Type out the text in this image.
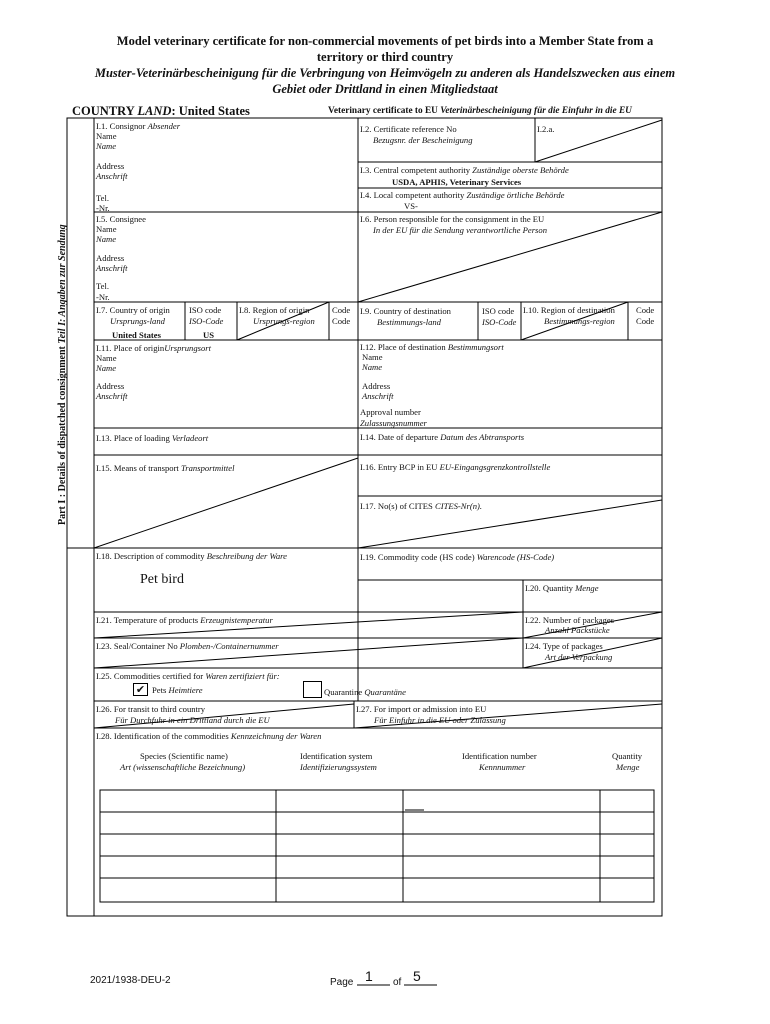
Model veterinary certificate for non-commercial movements of pet birds into a Member State from a
territory or third country
Muster-Veterinärbescheinigung für die Verbringung von Heimvögeln zu anderen als Handelszwecken aus einem
Gebiet oder Drittland in einen Mitgliedstaat
COUNTRY LAND: United States	Veterinary certificate to EU Veterinärbescheinigung für die Einfuhr in die EU
Part I : Details of dispatched consignment Teil I: Angaben zur Sendung
I.1. Consignor Absender
Name
Name
Address
Anschrift
Tel.
-Nr.
I.2. Certificate reference No
Bezugsnr. der Bescheinigung
I.2.a.
I.3. Central competent authority Zuständige oberste Behörde
USDA, APHIS, Veterinary Services
I.4. Local competent authority Zuständige örtliche Behörde
VS-
I.5. Consignee
Name
Name
Address
Anschrift
Tel.
-Nr.
I.6. Person responsible for the consignment in the EU
In der EU für die Sendung verantwortliche Person
I.7. Country of origin
Ursprungs-land
United States
ISO code
ISO-Code
US
I.8. Region of origin
Ursprungs-region
Code
Code
I.9. Country of destination
Bestimmungs-land
ISO code
ISO-Code
I.10. Region of destination
Bestimmungs-region
Code
Code
I.11. Place of originUrsprungsort
Name
Name
Address
Anschrift
I.12. Place of destination Bestimmungsort
Name
Name
Address
Anschrift
Approval number
Zulassungsnummer
I.13. Place of loading Verladeort	I.14. Date of departure Datum des Abtransports
I.15. Means of transport Transportmittel	I.16. Entry BCP in EU EU-Eingangsgrenzkontrollstelle
I.17. No(s) of CITES CITES-Nr(n).
I.18. Description of commodity Beschreibung der Ware
Pet bird
I.19. Commodity code (HS code) Warencode (HS-Code)
I.20. Quantity Menge
I.21. Temperature of products Erzeugnistemperatur	I.22. Number of packages
Anzahl Packstücke
I.23. Seal/Container No Plomben-/Containernummer	I.24. Type of packages
Art der Verpackung
I.25. Commodities certified for Waren zertifiziert für:
✔ Pets Heimtiere	Quarantine Quarantäne
I.26. For transit to third country
Für Durchfuhr in ein Drittland durch die EU
I.27. For import or admission into EU
Für Einfuhr in die EU oder Zulassung
I.28. Identification of the commodities Kennzeichnung der Waren
Species (Scientific name)
Art (wissenschaftliche Bezeichnung)
Identification system
Identifizierungssystem
Identification number
Kennnummer
Quantity
Menge
2021/1938-DEU-2	Page 1 of 5
